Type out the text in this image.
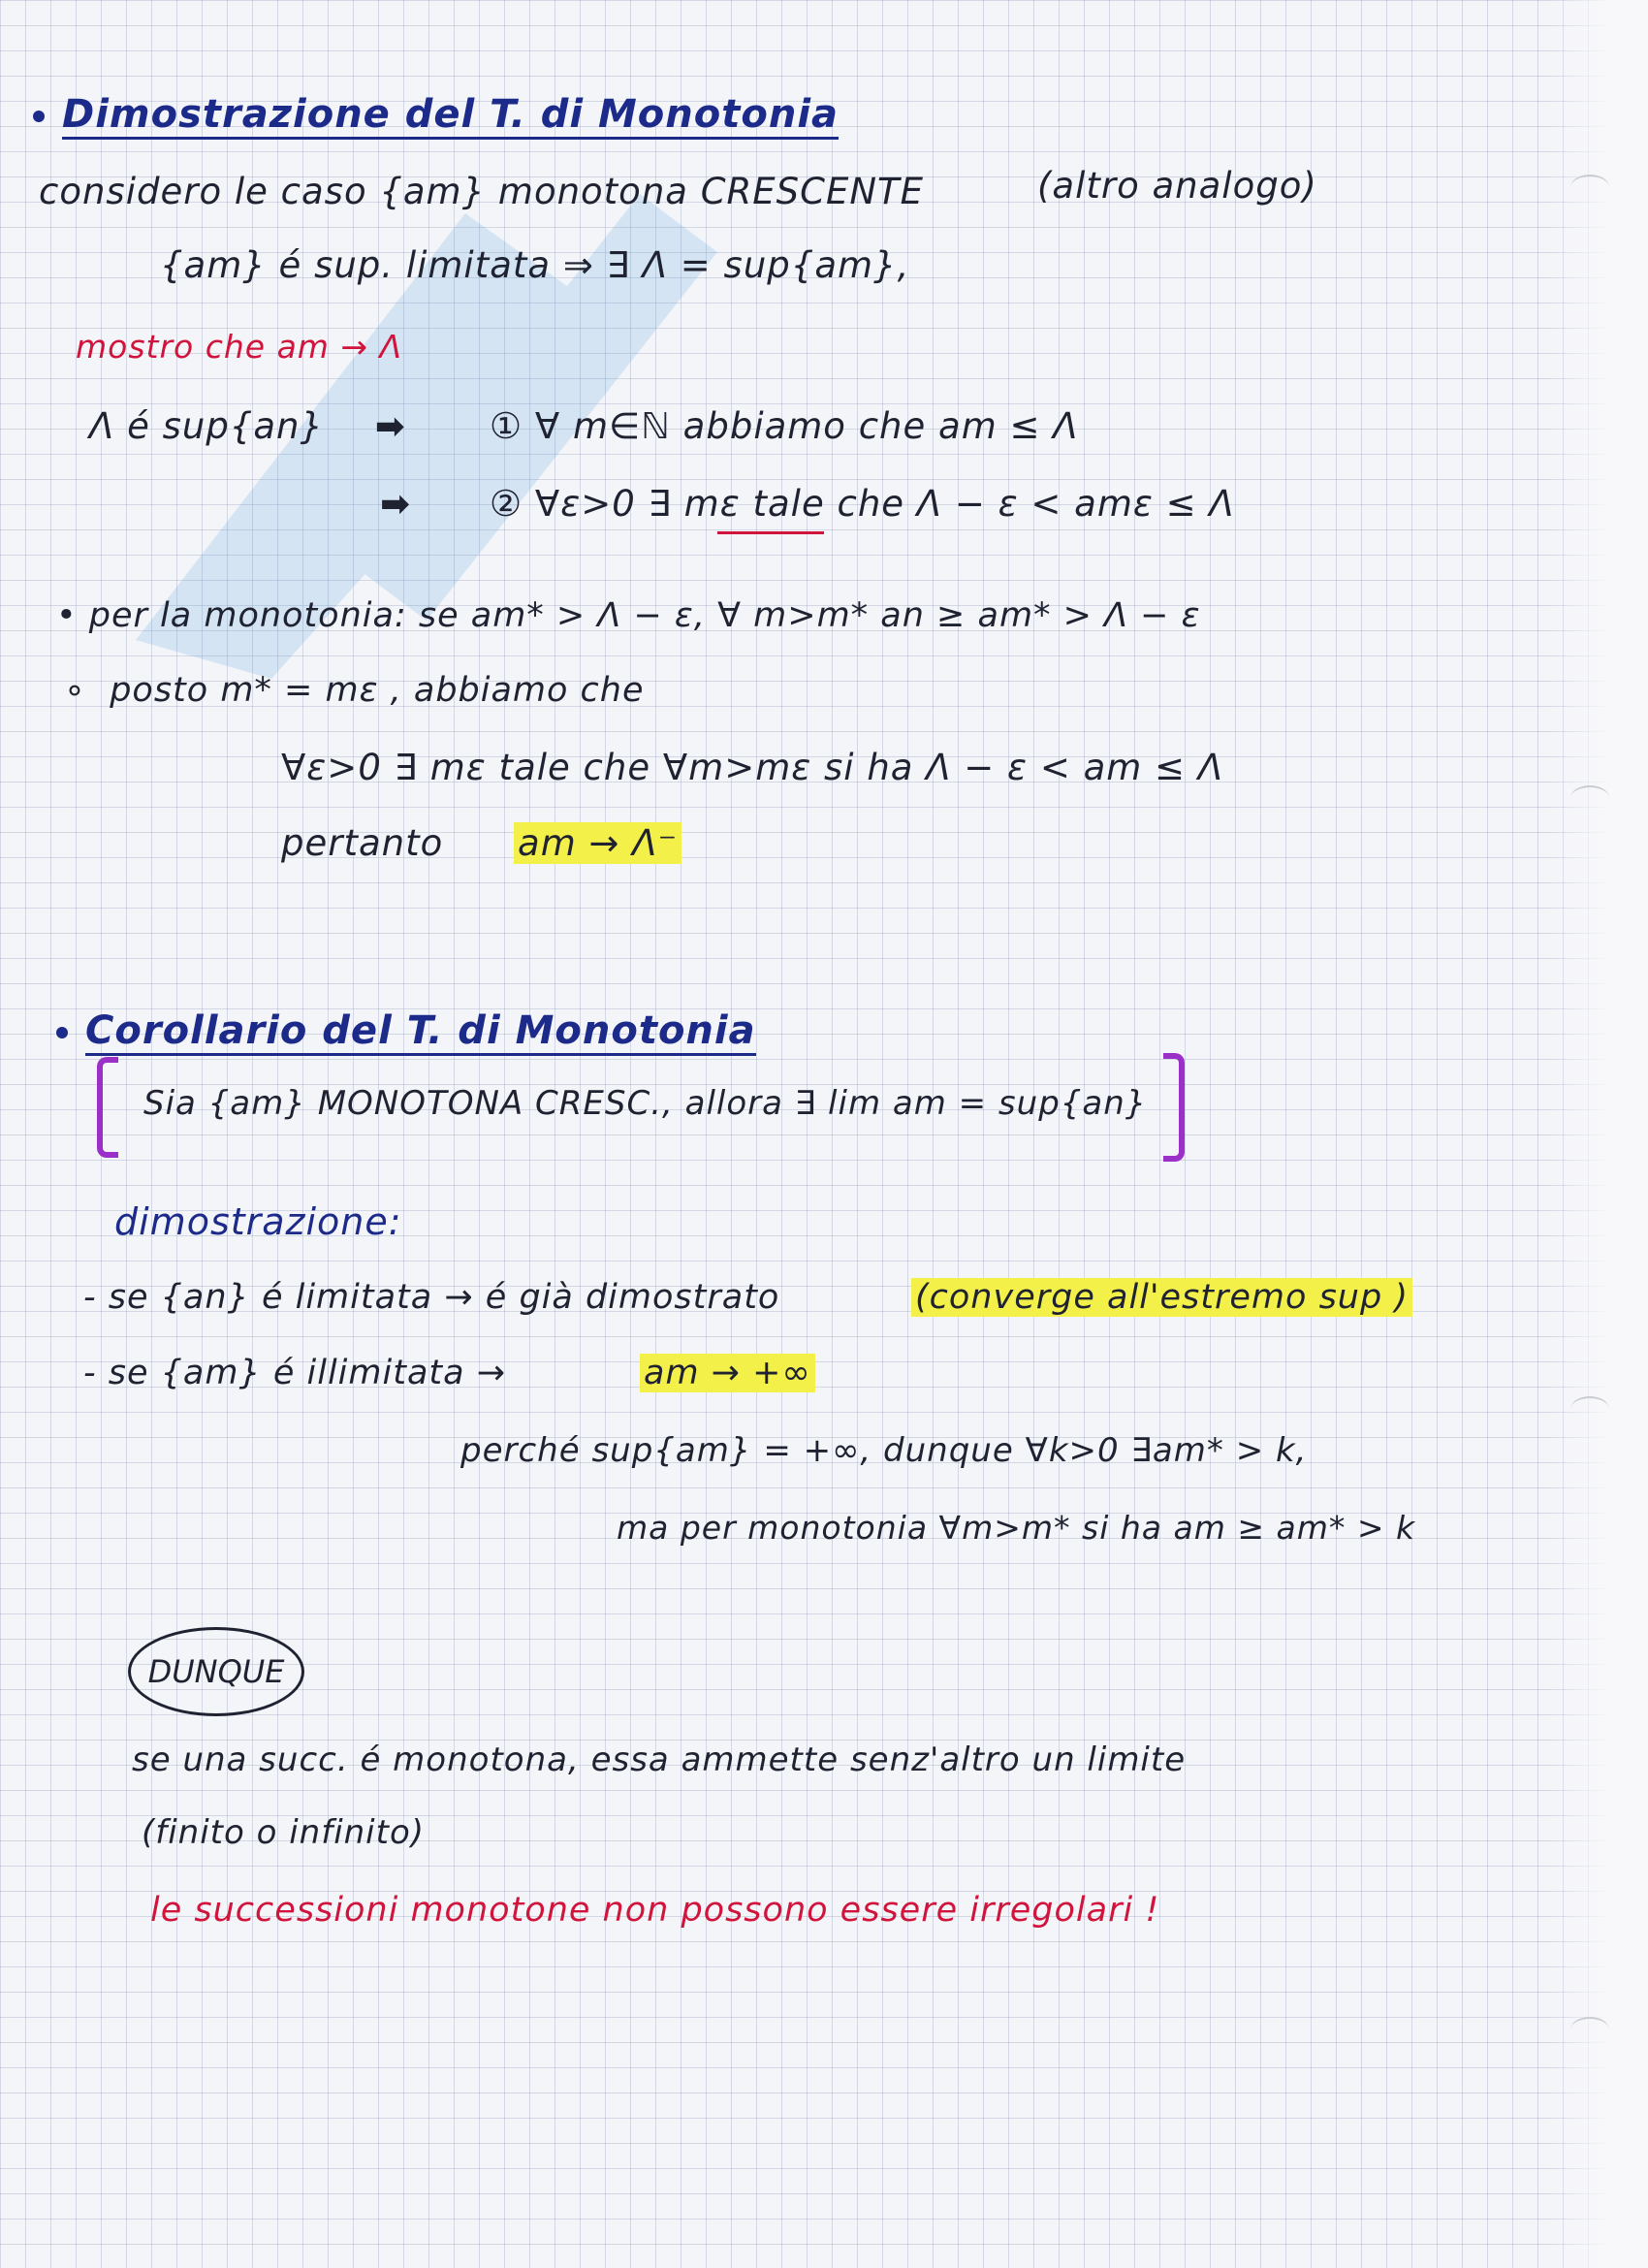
Dimostrazione del T. di Monotonia
considero le caso {am} monotona CRESCENTE	(altro analogo)
{am} é sup. limitata ⇒ ∃ Λ = sup{am},
mostro che am → Λ
Λ é sup{an} ➡ ① ∀ m∈ℕ abbiamo che am ≤ Λ
➡ ② ∀ε>0 ∃ mε tale che Λ − ε < amε ≤ Λ
• per la monotonia: se am* > Λ − ε, ∀ m>m* an ≥ am* > Λ − ε
∘ posto m* = mε , abbiamo che
∀ε>0 ∃ mε tale che ∀m>mε si ha Λ − ε < am ≤ Λ
pertanto am → Λ⁻
Corollario del T. di Monotonia
Sia {am} MONOTONA CRESC., allora ∃ lim am = sup{an}
dimostrazione:
- se {an} é limitata → é già dimostrato	(converge all'estremo sup )
- se {am} é illimitata →	am → +∞
perché sup{am} = +∞, dunque ∀k>0 ∃am* > k,
ma per monotonia ∀m>m* si ha am ≥ am* > k
DUNQUE
se una succ. é monotona, essa ammette senz'altro un limite
(finito o infinito)
le successioni monotone non possono essere irregolari !
